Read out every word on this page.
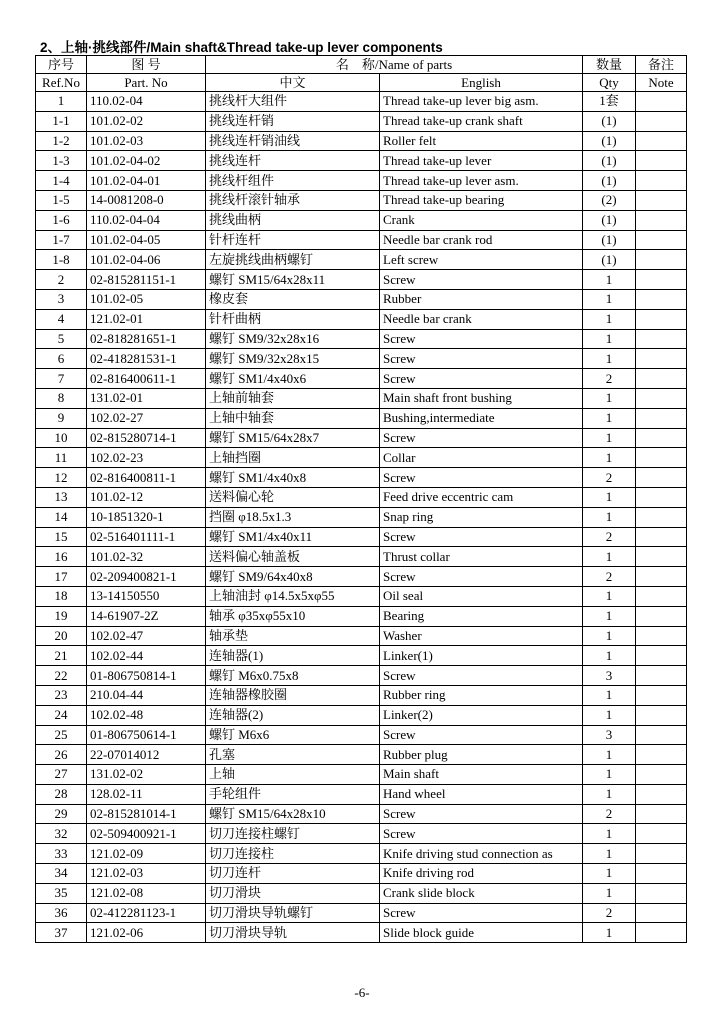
2、上轴·挑线部件/Main shaft&Thread take-up lever components
序号	图 号	名　称/Name of parts		数量	备注
Ref.No	Part. No	中文	English	Qty	Note
1	110.02-04	挑线杆大组件	Thread take-up lever big asm.	1套	
1-1	101.02-02	挑线连杆销	Thread take-up crank shaft	(1)	
1-2	101.02-03	挑线连杆销油线	Roller felt	(1)	
1-3	101.02-04-02	挑线连杆	Thread take-up lever	(1)	
1-4	101.02-04-01	挑线杆组件	Thread take-up lever asm.	(1)	
1-5	14-0081208-0	挑线杆滚针轴承	Thread take-up bearing	(2)	
1-6	110.02-04-04	挑线曲柄	Crank	(1)	
1-7	101.02-04-05	针杆连杆	Needle bar crank rod	(1)	
1-8	101.02-04-06	左旋挑线曲柄螺钉	Left screw	(1)	
2	02-815281151-1	螺钉 SM15/64x28x11	Screw	1	
3	101.02-05	橡皮套	Rubber	1	
4	121.02-01	针杆曲柄	Needle bar crank	1	
5	02-818281651-1	螺钉 SM9/32x28x16	Screw	1	
6	02-418281531-1	螺钉 SM9/32x28x15	Screw	1	
7	02-816400611-1	螺钉 SM1/4x40x6	Screw	2	
8	131.02-01	上轴前轴套	Main shaft front bushing	1	
9	102.02-27	上轴中轴套	Bushing,intermediate	1	
10	02-815280714-1	螺钉 SM15/64x28x7	Screw	1	
11	102.02-23	上轴挡圈	Collar	1	
12	02-816400811-1	螺钉 SM1/4x40x8	Screw	2	
13	101.02-12	送料偏心轮	Feed drive eccentric cam	1	
14	10-1851320-1	挡圈 φ18.5x1.3	Snap ring	1	
15	02-516401111-1	螺钉 SM1/4x40x11	Screw	2	
16	101.02-32	送料偏心轴盖板	Thrust collar	1	
17	02-209400821-1	螺钉 SM9/64x40x8	Screw	2	
18	13-14150550	上轴油封 φ14.5x5xφ55	Oil seal	1	
19	14-61907-2Z	轴承 φ35xφ55x10	Bearing	1	
20	102.02-47	轴承垫	Washer	1	
21	102.02-44	连轴器(1)	Linker(1)	1	
22	01-806750814-1	螺钉 M6x0.75x8	Screw	3	
23	210.04-44	连轴器橡胶圈	Rubber ring	1	
24	102.02-48	连轴器(2)	Linker(2)	1	
25	01-806750614-1	螺钉 M6x6	Screw	3	
26	22-07014012	孔塞	Rubber plug	1	
27	131.02-02	上轴	Main shaft	1	
28	128.02-11	手轮组件	Hand wheel	1	
29	02-815281014-1	螺钉 SM15/64x28x10	Screw	2	
32	02-509400921-1	切刀连接柱螺钉	Screw	1	
33	121.02-09	切刀连接柱	Knife driving stud connection as	1	
34	121.02-03	切刀连杆	Knife driving rod	1	
35	121.02-08	切刀滑块	Crank slide block	1	
36	02-412281123-1	切刀滑块导轨螺钉	Screw	2	
37	121.02-06	切刀滑块导轨	Slide block guide	1	
-6-
